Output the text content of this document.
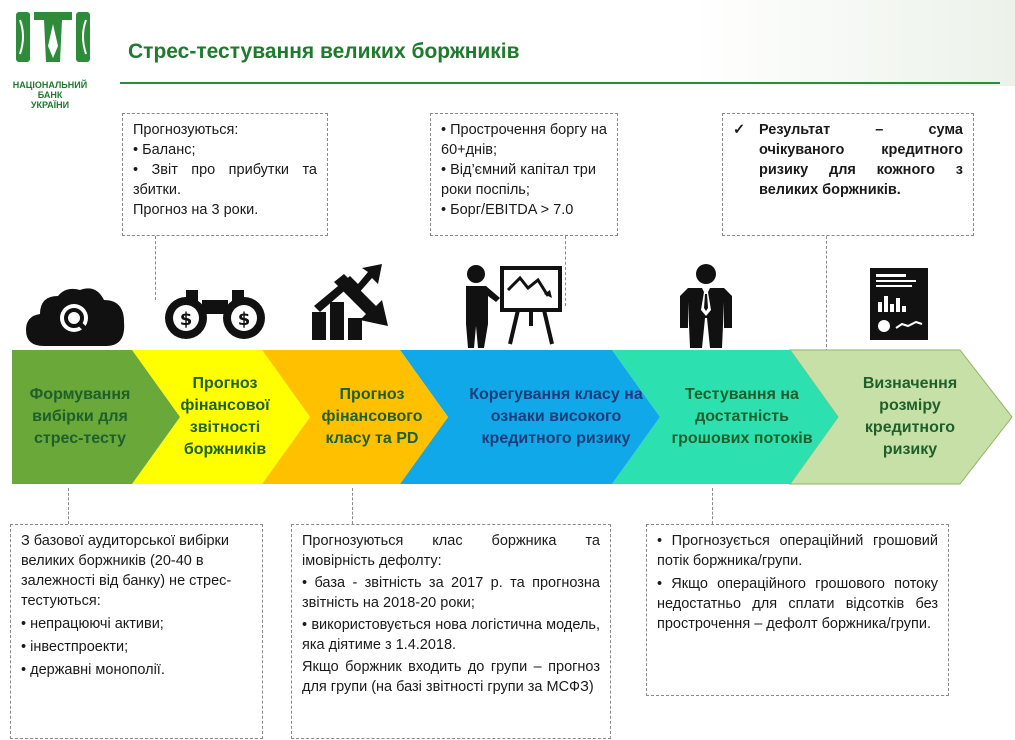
НАЦІОНАЛЬНИЙ
БАНК
УКРАЇНИ
Стрес-тестування великих боржників
Прогнозуються:
• Баланс;
• Звіт про прибутки та збитки.
Прогноз на 3 роки.
• Прострочення боргу на 60+днів;
• Від’ємний капітал три роки поспіль;
• Борг/EBITDA > 7.0
✓ Результат – сума очікуваного кредитного ризику для кожного з великих боржників.
$	$
Формування вибірки для стрес-тесту
Прогноз фінансової звітності боржників
Прогноз фінансового класу та PD
Корегування класу на ознаки високого кредитного ризику
Тестування на достатність грошових потоків
Визначення розміру кредитного ризику
З базової аудиторської вибірки великих боржників (20-40 в залежності від банку) не стрес-тестуються:
• непрацюючі активи;
• інвестпроекти;
• державні монополії.
Прогнозуються клас боржника та імовірність дефолту:
• база - звітність за 2017 р. та прогнозна звітність на 2018-20 роки;
• використовується нова логістична модель, яка діятиме з 1.4.2018.
Якщо боржник входить до групи – прогноз для групи (на базі звітності групи за МСФЗ)
• Прогнозується операційний грошовий потік боржника/групи.
• Якщо операційного грошового потоку недостатньо для сплати відсотків без прострочення – дефолт боржника/групи.
